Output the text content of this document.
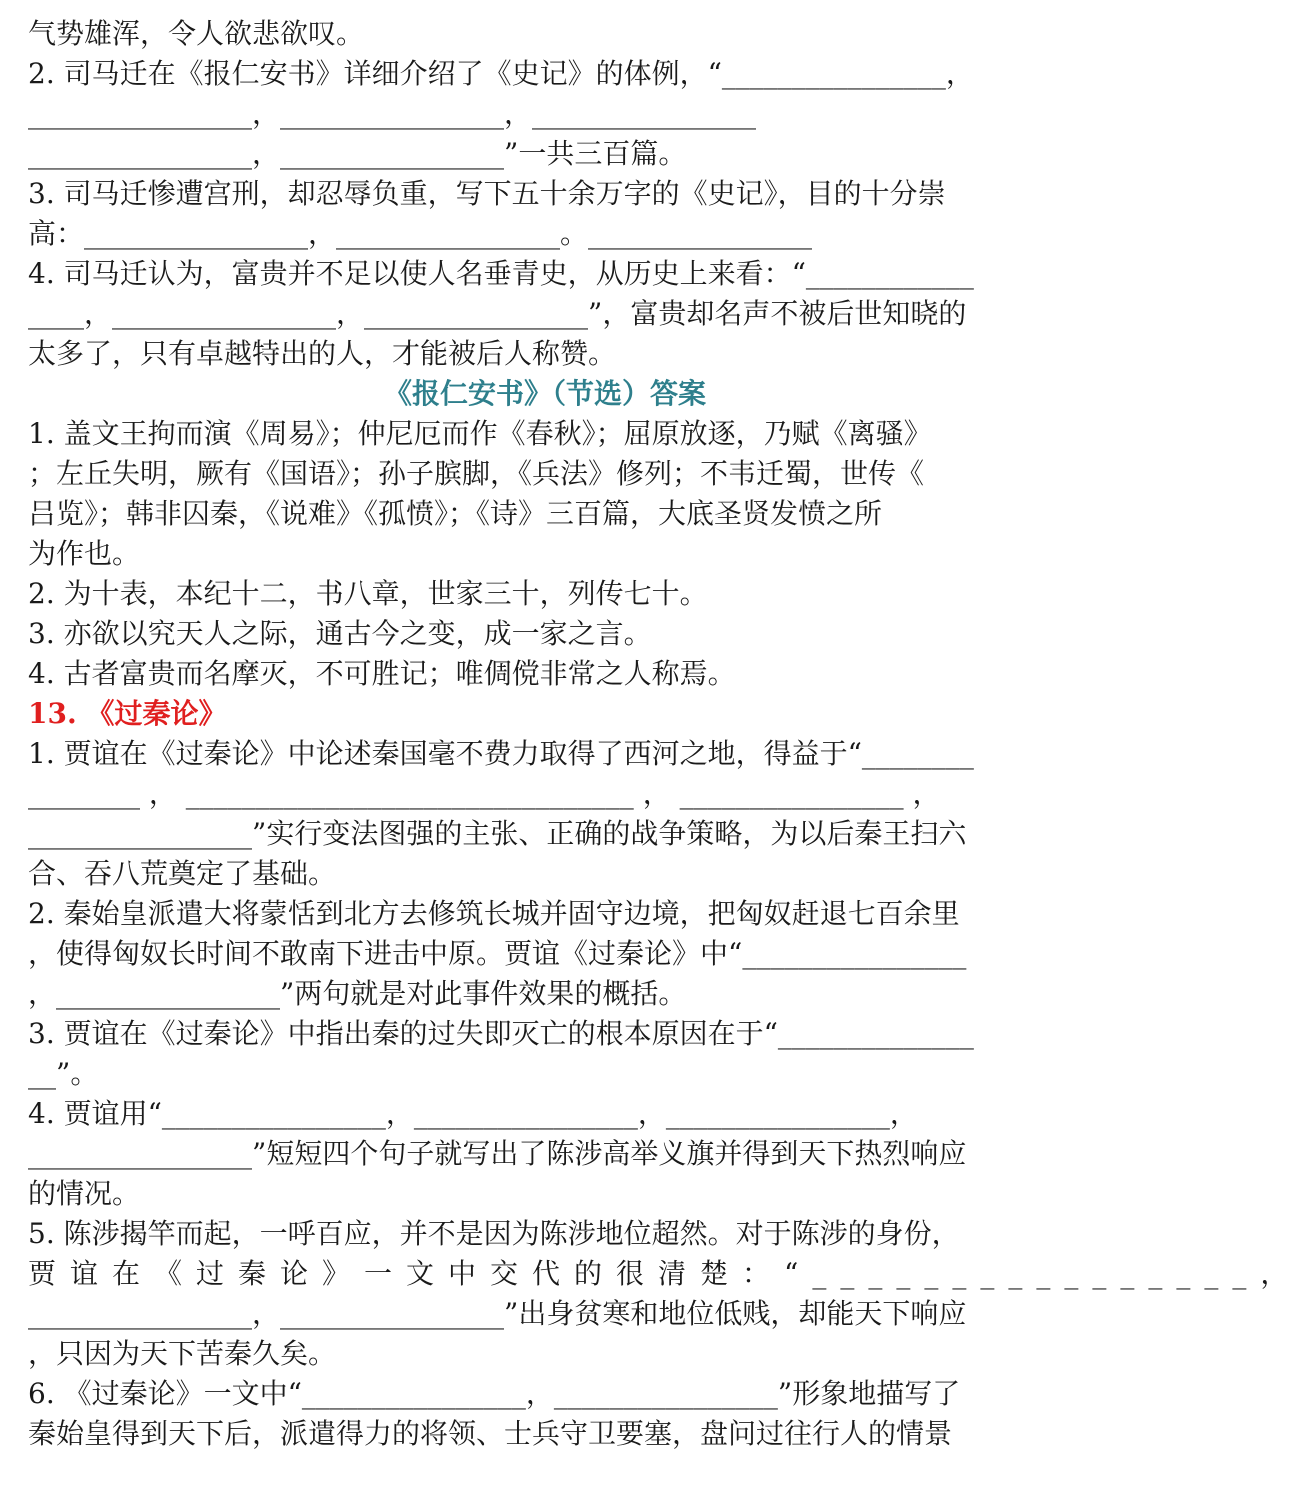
气势雄浑，令人欲悲欲叹。
2. 司马迁在《报仁安书》详细介绍了《史记》的体例，“________________，
________________，________________，________________
________________，________________”一共三百篇。
3. 司马迁惨遭宫刑，却忍辱负重，写下五十余万字的《史记》，目的十分崇
高：________________，________________。________________
4. 司马迁认为，富贵并不足以使人名垂青史，从历史上来看：“____________
____，________________，________________”，富贵却名声不被后世知晓的
太多了，只有卓越特出的人，才能被后人称赞。
《报仁安书》（节选）答案
1. 盖文王拘而演《周易》；仲尼厄而作《春秋》；屈原放逐，乃赋《离骚》
；左丘失明，厥有《国语》；孙子膑脚，《兵法》修列；不韦迁蜀，世传《
吕览》；韩非囚秦，《说难》《孤愤》；《诗》三百篇，大底圣贤发愤之所
为作也。
2. 为十表，本纪十二，书八章，世家三十，列传七十。
3. 亦欲以究天人之际，通古今之变，成一家之言。
4. 古者富贵而名摩灭，不可胜记；唯倜傥非常之人称焉。
13. 《过秦论》
1. 贾谊在《过秦论》中论述秦国毫不费力取得了西河之地，得益于“________
________ ， ________________________________ ， ________________ ，
________________”实行变法图强的主张、正确的战争策略，为以后秦王扫六
合、吞八荒奠定了基础。
2. 秦始皇派遣大将蒙恬到北方去修筑长城并固守边境，把匈奴赶退七百余里
，使得匈奴长时间不敢南下进击中原。贾谊《过秦论》中“________________
，________________”两句就是对此事件效果的概括。
3. 贾谊在《过秦论》中指出秦的过失即灭亡的根本原因在于“______________
__”。
4. 贾谊用“________________，________________，________________，
________________”短短四个句子就写出了陈涉高举义旗并得到天下热烈响应
的情况。
5. 陈涉揭竿而起，一呼百应，并不是因为陈涉地位超然。对于陈涉的身份，
贾谊在《过秦论》一文中交代的很清楚：“________________，
________________，________________”出身贫寒和地位低贱，却能天下响应
，只因为天下苦秦久矣。
6. 《过秦论》一文中“________________，________________”形象地描写了
秦始皇得到天下后，派遣得力的将领、士兵守卫要塞，盘问过往行人的情景
